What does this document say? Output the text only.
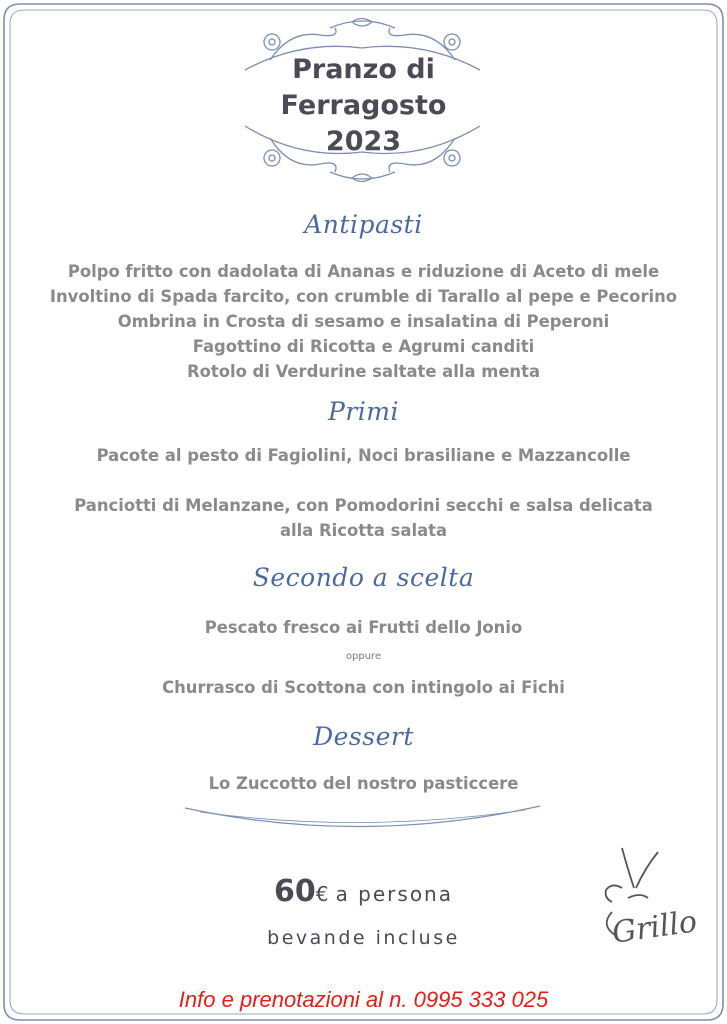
Pranzo di
Ferragosto
2023
Antipasti
Polpo fritto con dadolata di Ananas e riduzione di Aceto di mele
Involtino di Spada farcito, con crumble di Tarallo al pepe e Pecorino
Ombrina in Crosta di sesamo e insalatina di Peperoni
Fagottino di Ricotta e Agrumi canditi
Rotolo di Verdurine saltate alla menta
Primi
Pacote al pesto di Fagiolini, Noci brasiliane e Mazzancolle
Panciotti di Melanzane, con Pomodorini secchi e salsa delicata
alla Ricotta salata
Secondo a scelta
Pescato fresco ai Frutti dello Jonio
oppure
Churrasco di Scottona con intingolo ai Fichi
Dessert
Lo Zuccotto del nostro pasticcere
60€ a persona
bevande incluse	Grillo
Info e prenotazioni al n. 0995 333 025
